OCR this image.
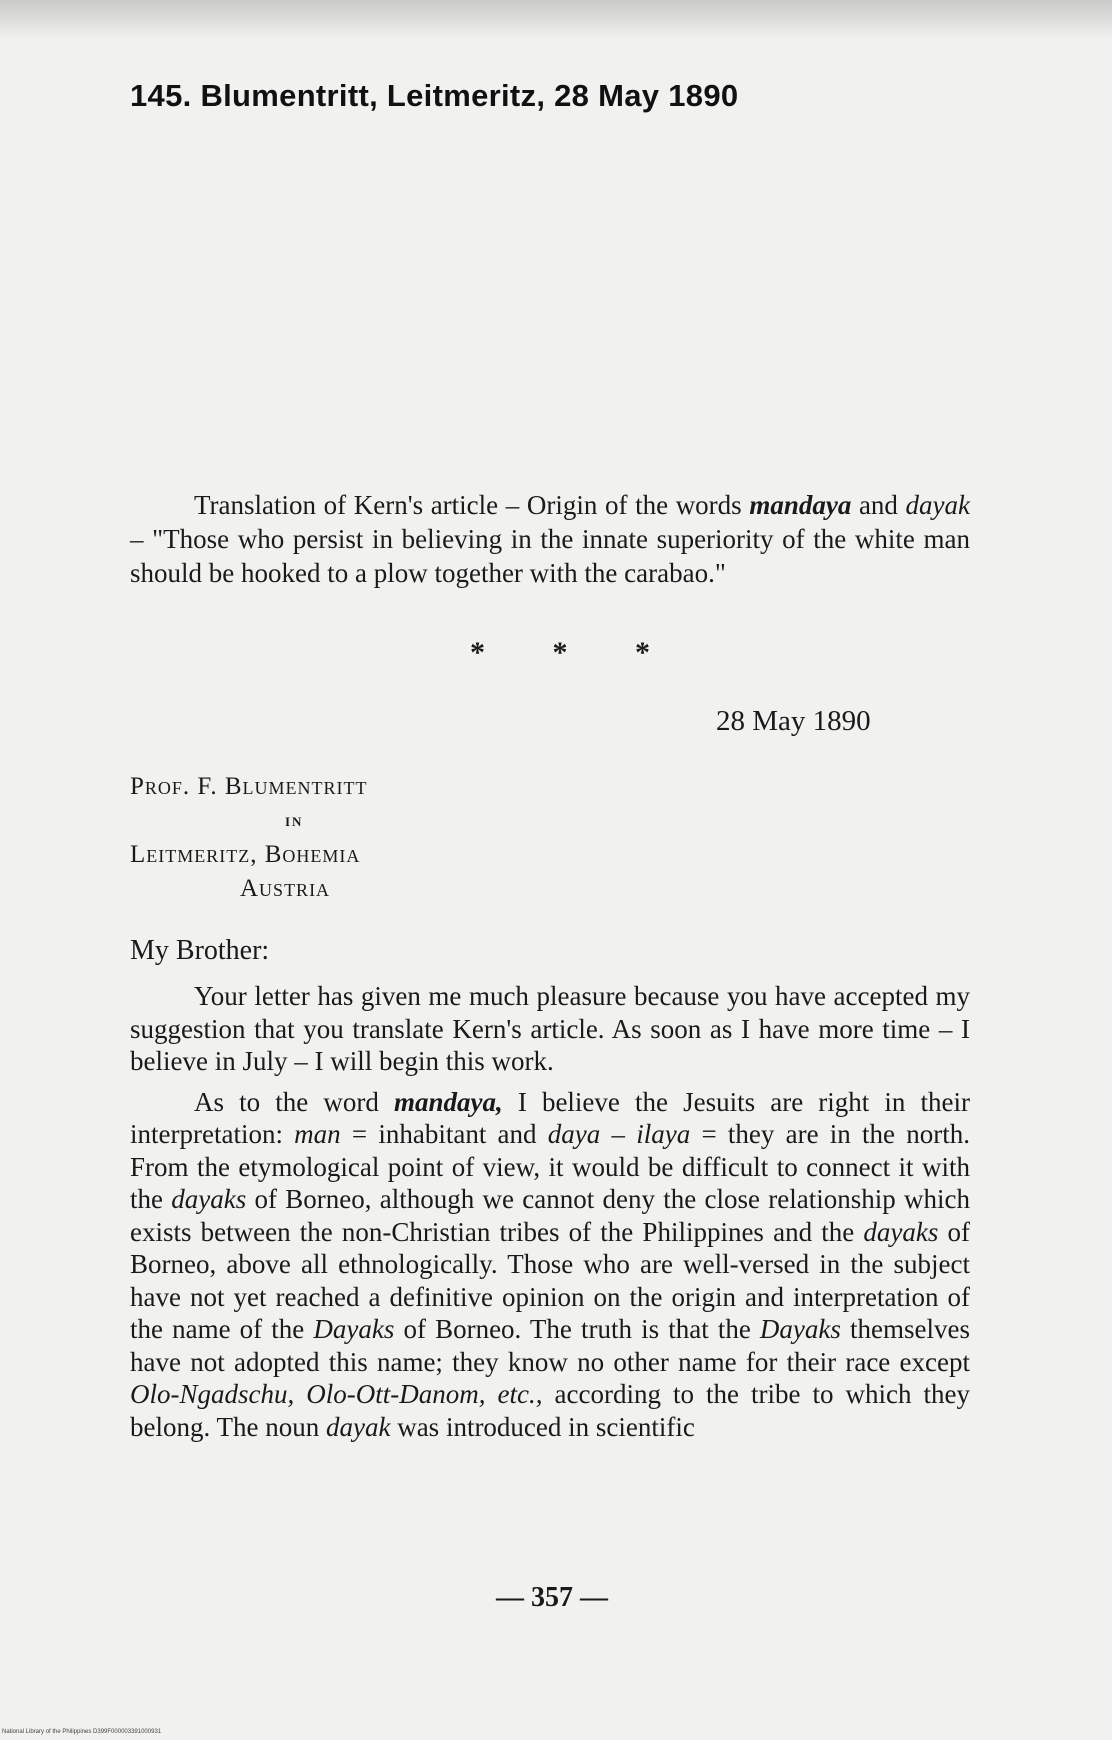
145. Blumentritt, Leitmeritz, 28 May 1890
Translation of Kern's article – Origin of the words mandaya and dayak – "Those who persist in believing in the innate superiority of the white man should be hooked to a plow together with the carabao."
* * *
28 May 1890
Prof. F. Blumentritt
in
Leitmeritz, Bohemia
Austria
My Brother:

Your letter has given me much pleasure because you have accepted my suggestion that you translate Kern's article. As soon as I have more time – I believe in July – I will begin this work.

As to the word mandaya, I believe the Jesuits are right in their interpretation: man = inhabitant and daya – ilaya = they are in the north. From the etymological point of view, it would be difficult to connect it with the dayaks of Borneo, although we cannot deny the close relationship which exists between the non-Christian tribes of the Philippines and the dayaks of Borneo, above all ethnologically. Those who are well-versed in the subject have not yet reached a definitive opinion on the origin and interpretation of the name of the Dayaks of Borneo. The truth is that the Dayaks themselves have not adopted this name; they know no other name for their race except Olo-Ngadschu, Olo-Ott-Danom, etc., according to the tribe to which they belong. The noun dayak was introduced in scientific

— 357 —
National Library of the Philippines D399F000003391000931
